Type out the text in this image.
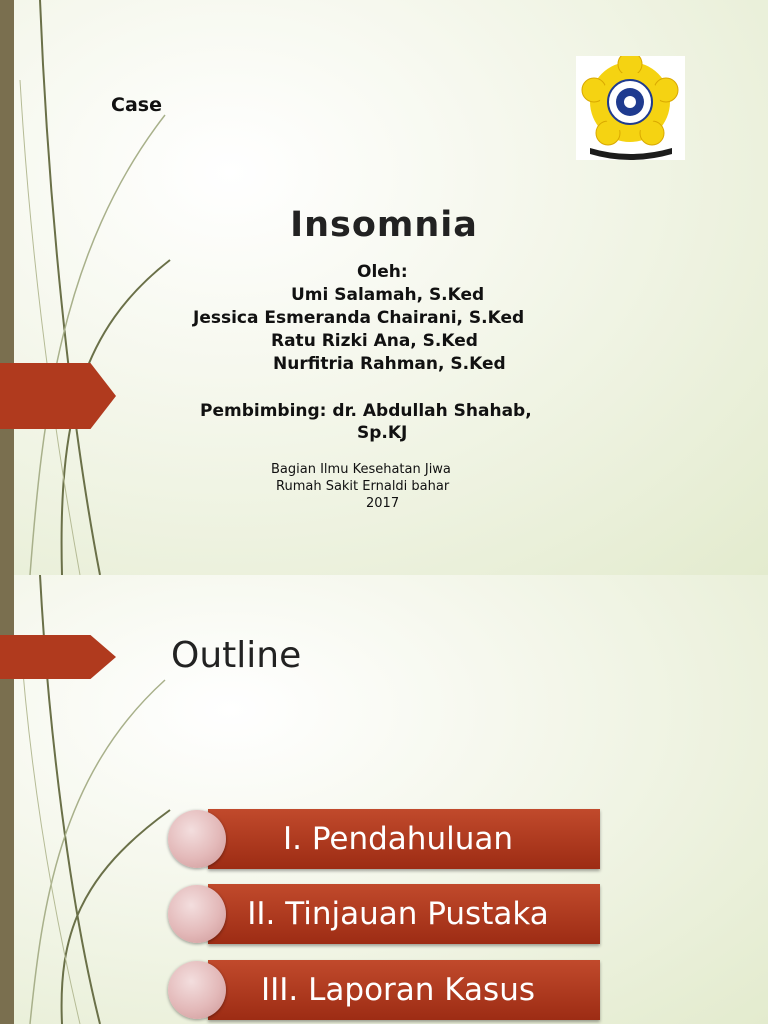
Case
Insomnia
Oleh:
Umi Salamah, S.Ked
Jessica Esmeranda Chairani, S.Ked
Ratu Rizki Ana, S.Ked
Nurfitria Rahman, S.Ked
Pembimbing: dr. Abdullah Shahab,
Sp.KJ
Bagian Ilmu Kesehatan Jiwa
Rumah Sakit Ernaldi bahar
2017
Outline
I. Pendahuluan
II. Tinjauan Pustaka
III. Laporan Kasus
